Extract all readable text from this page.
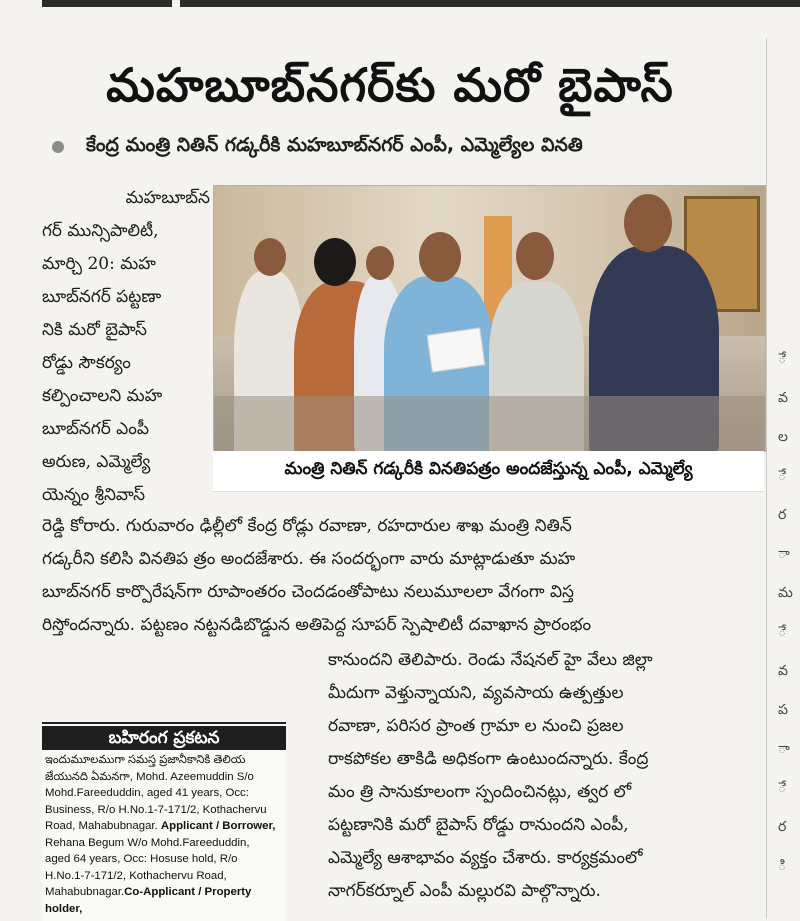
ే
వ
ల
ే
ర
ా
మ
ే
వ
ప
ా
ే
ర
ి
మహబూబ్‌నగర్‌కు మరో బైపాస్
కేంద్ర మంత్రి నితిన్ గడ్కరీకి మహబూబ్‌నగర్ ఎంపీ, ఎమ్మెల్యేల వినతి
మహబూబ్‌న
గర్ మున్సిపాలిటీ,
మార్చి 20: మహ
బూబ్‌నగర్ పట్టణా
నికి మరో బైపాస్
రోడ్డు సౌకర్యం
కల్పించాలని మహ
బూబ్‌నగర్ ఎంపీ
అరుణ, ఎమ్మెల్యే
యెన్నం శ్రీనివాస్
మంత్రి నితిన్ గడ్కరీకి వినతిపత్రం అందజేస్తున్న ఎంపీ, ఎమ్మెల్యే
రెడ్డి కోరారు. గురువారం ఢిల్లీలో కేంద్ర రోడ్లు రవాణా, రహదారుల శాఖ మంత్రి నితిన్
గడ్కరీని కలిసి వినతిప త్రం అందజేశారు. ఈ సందర్భంగా వారు మాట్లాడుతూ మహ
బూబ్‌నగర్ కార్పొరేషన్‌గా రూపాంతరం చెందడంతోపాటు నలుమూలలా వేగంగా విస్త
రిస్తోందన్నారు. పట్టణం నట్టనడిబొడ్డున అతిపెద్ద సూపర్ స్పెషాలిటీ దవాఖాన ప్రారంభం
కానుందని తెలిపారు. రెండు నేషనల్ హై వేలు జిల్లా
మీదుగా వెళ్తున్నాయని, వ్యవసాయ ఉత్పత్తుల
రవాణా, పరిసర ప్రాంత గ్రామా ల నుంచి ప్రజల
రాకపోకల తాకిడి అధికంగా ఉంటుందన్నారు. కేంద్ర
మం త్రి సానుకూలంగా స్పందించినట్లు, త్వర లో
పట్టణానికి మరో బైపాస్ రోడ్డు రానుందని ఎంపీ,
ఎమ్మెల్యే ఆశాభావం వ్యక్తం చేశారు. కార్యక్రమంలో
నాగర్‌కర్నూల్ ఎంపీ మల్లురవి పాల్గొన్నారు.
బహిరంగ ప్రకటన
ఇందుమూలముగా సమస్త ప్రజానీకానికి తెలియ
జేయునది ఏమనగా, Mohd. Azeemuddin S/o
Mohd.Fareeduddin, aged 41 years, Occ:
Business, R/o H.No.1-7-171/2, Kothachervu
Road, Mahabubnagar. Applicant / Borrower,
Rehana Begum W/o Mohd.Fareeduddin,
aged 64 years, Occ: Hosuse hold, R/o
H.No.1-7-171/2, Kothachervu Road,
Mahabubnagar.Co-Applicant / Property holder,
